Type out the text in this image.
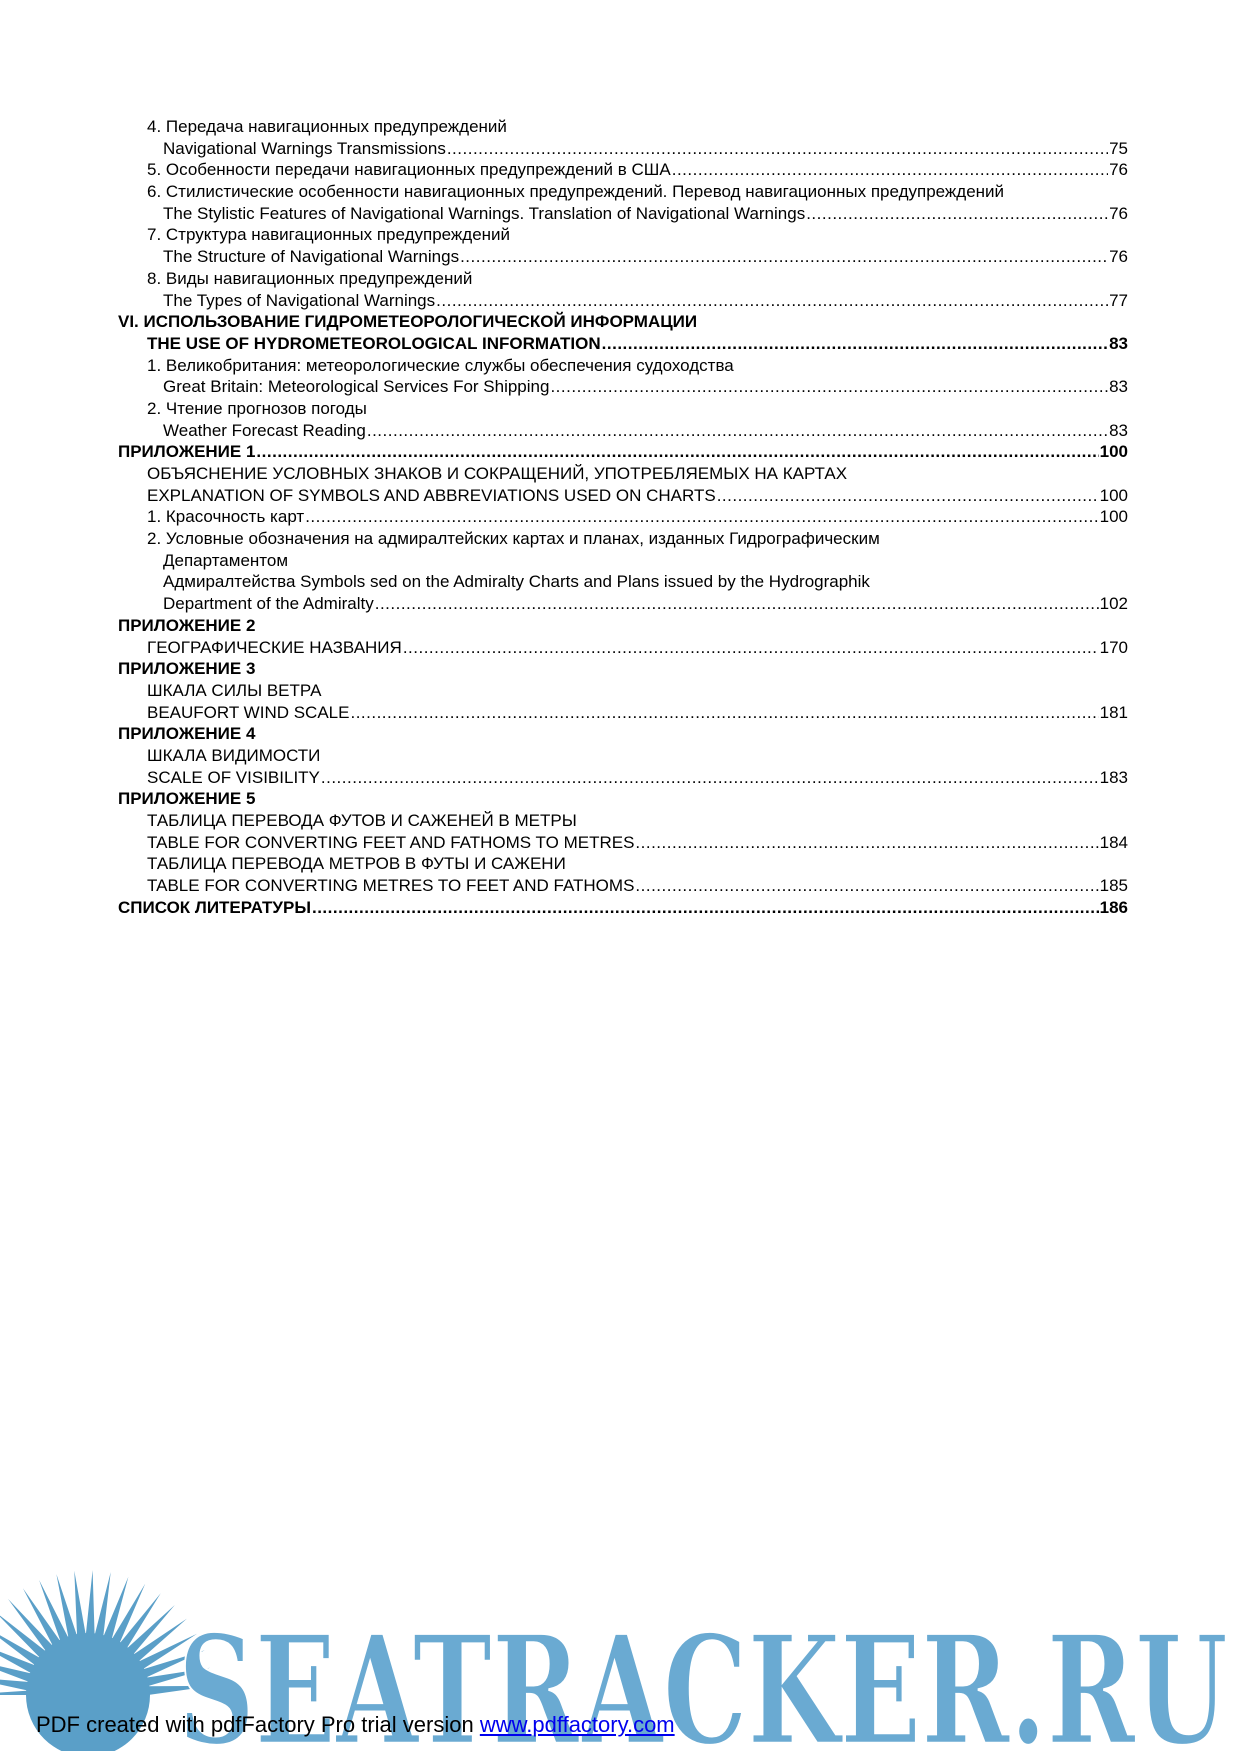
4. Передача навигационных предупреждений
Navigational Warnings Transmissions .....	75
5. Особенности передачи навигационных предупреждений в США .....	76
6. Стилистические особенности навигационных предупреждений. Перевод навигационных предупреждений
The Stylistic Features of Navigational Warnings. Translation of Navigational Warnings .....	76
7. Структура навигационных предупреждений
The Structure of Navigational Warnings .....	76
8. Виды навигационных предупреждений
The Types of Navigational Warnings .....	77
VI. ИСПОЛЬЗОВАНИЕ ГИДРОМЕТЕОРОЛОГИЧЕСКОЙ ИНФОРМАЦИИ
THE USE OF HYDROMETEOROLOGICAL INFORMATION .....	83
1. Великобритания: метеорологические службы обеспечения судоходства
Great Britain: Meteorological Services For Shipping .....	83
2. Чтение прогнозов погоды
Weather Forecast Reading .....	83
ПРИЛОЖЕНИЕ 1 .....	100
ОБЪЯСНЕНИЕ УСЛОВНЫХ ЗНАКОВ И СОКРАЩЕНИЙ, УПОТРЕБЛЯЕМЫХ НА КАРТАХ
EXPLANATION OF SYMBOLS AND ABBREVIATIONS USED ON CHARTS .....	100
1. Красочность карт .....	100
2. Условные обозначения на адмиралтейских картах и планах, изданных Гидрографическим
Департаментом
Адмиралтейства Symbols sed on the Admiralty Charts and Plans issued by the Hydrographik
Department of the Admiralty .....	102
ПРИЛОЖЕНИЕ 2
ГЕОГРАФИЧЕСКИЕ НАЗВАНИЯ .....	170
ПРИЛОЖЕНИЕ 3
ШКАЛА СИЛЫ ВЕТРА
BEAUFORT WIND SCALE .....	181
ПРИЛОЖЕНИЕ 4
ШКАЛА ВИДИМОСТИ
SCALE OF VISIBILITY .....	183
ПРИЛОЖЕНИЕ 5
ТАБЛИЦА ПЕРЕВОДА ФУТОВ И САЖЕНЕЙ В МЕТРЫ
TABLE FOR CONVERTING FEET AND FATHOMS TO METRES .....	184
ТАБЛИЦА ПЕРЕВОДА МЕТРОВ В ФУТЫ И САЖЕНИ
TABLE FOR CONVERTING METRES TO FEET AND FATHOMS .....	185
СПИСОК ЛИТЕРАТУРЫ .....	186
SEATRACKER.RU
PDF created with pdfFactory Pro trial version www.pdffactory.com
